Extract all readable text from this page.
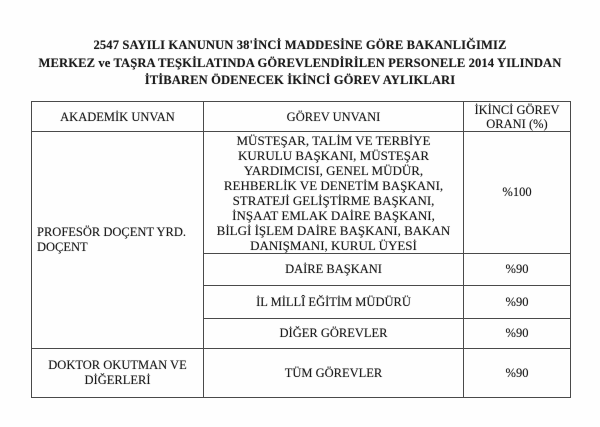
2547 SAYILI KANUNUN 38'İNCİ MADDESİNE GÖRE BAKANLIĞIMIZ
MERKEZ ve TAŞRA TEŞKİLATINDA GÖREVLENDİRİLEN PERSONELE 2014 YILINDAN
İTİBAREN ÖDENECEK İKİNCİ GÖREV AYLIKLARI
AKADEMİK UNVAN	GÖREV UNVANI	İKİNCİ GÖREV ORANI (%)
PROFESÖR DOÇENT YRD. DOÇENT	MÜSTEŞAR, TALİM VE TERBİYE KURULU BAŞKANI, MÜSTEŞAR YARDIMCISI, GENEL MÜDÜR, REHBERLİK VE DENETİM BAŞKANI, STRATEJİ GELİŞTİRME BAŞKANI, İNŞAAT EMLAK DAİRE BAŞKANI, BİLGİ İŞLEM DAİRE BAŞKANI, BAKAN DANIŞMANI, KURUL ÜYESİ	%100
	DAİRE BAŞKANI	%90
	İL MİLLÎ EĞİTİM MÜDÜRÜ	%90
	DİĞER GÖREVLER	%90
DOKTOR OKUTMAN VE DİĞERLERİ	TÜM GÖREVLER	%90
